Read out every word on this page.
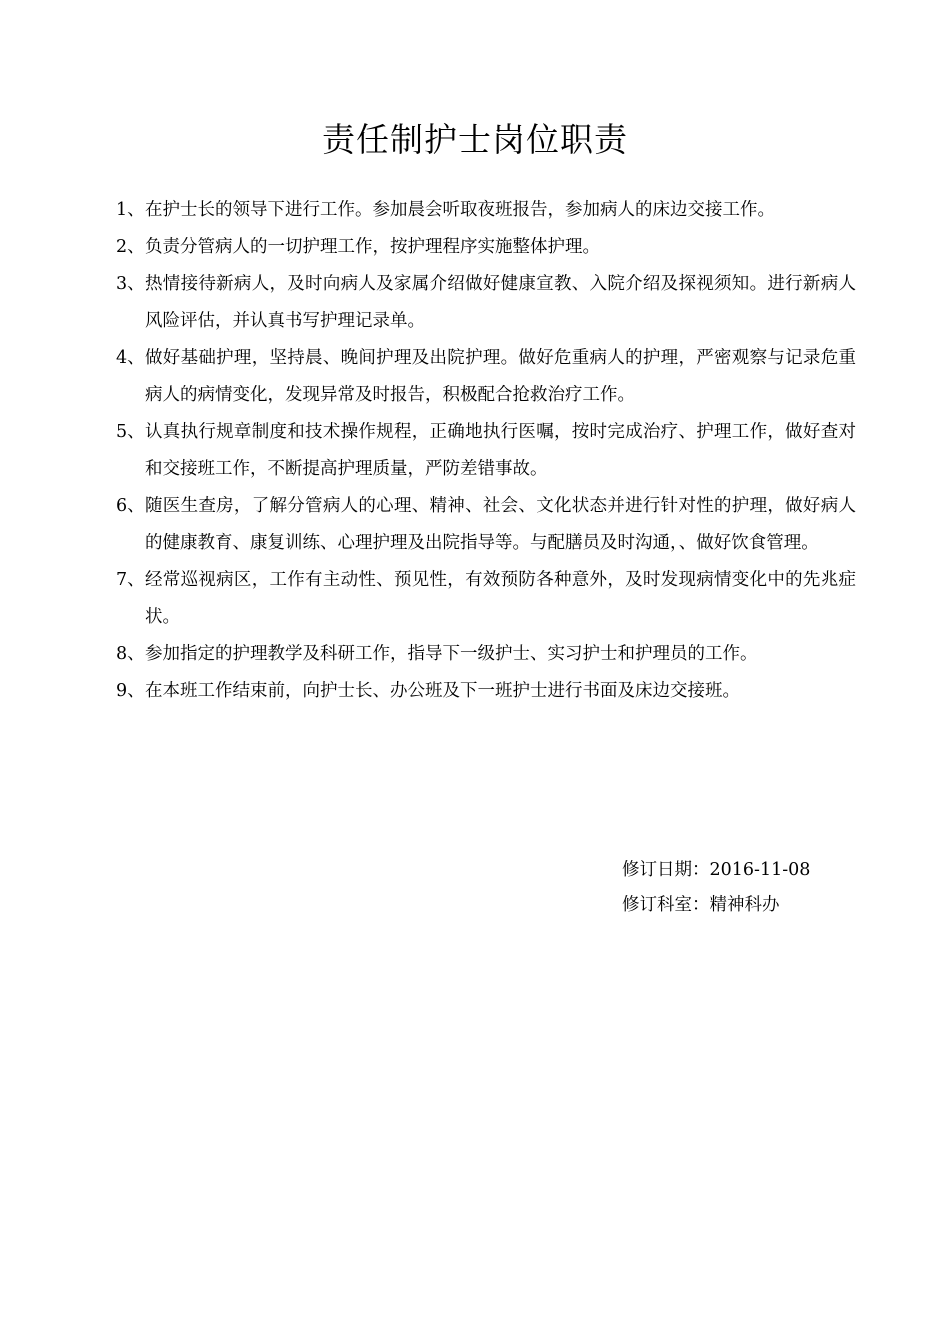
责任制护士岗位职责
1、 在护士长的领导下进行工作。参加晨会听取夜班报告，参加病人的床边交接工作。
2、 负责分管病人的一切护理工作，按护理程序实施整体护理。
3、 热情接待新病人，及时向病人及家属介绍做好健康宣教、入院介绍及探视须知。进行新病人风险评估，并认真书写护理记录单。
4、 做好基础护理，坚持晨、晚间护理及出院护理。做好危重病人的护理，严密观察与记录危重病人的病情变化，发现异常及时报告，积极配合抢救治疗工作。
5、 认真执行规章制度和技术操作规程，正确地执行医嘱，按时完成治疗、护理工作，做好查对和交接班工作，不断提高护理质量，严防差错事故。
6、 随医生查房，了解分管病人的心理、精神、社会、文化状态并进行针对性的护理，做好病人的健康教育、康复训练、心理护理及出院指导等。与配膳员及时沟通，、做好饮食管理。
7、 经常巡视病区，工作有主动性、预见性，有效预防各种意外，及时发现病情变化中的先兆症状。
8、 参加指定的护理教学及科研工作，指导下一级护士、实习护士和护理员的工作。
9、 在本班工作结束前，向护士长、办公班及下一班护士进行书面及床边交接班。
修订日期：2016-11-08
修订科室：精神科办
